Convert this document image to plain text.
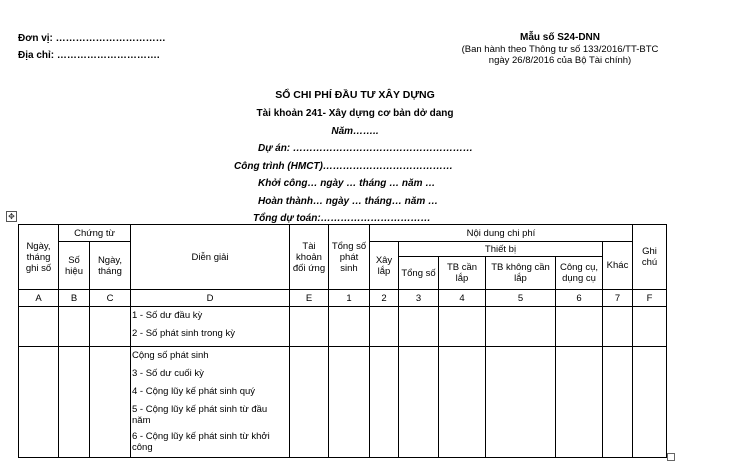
Đơn vị: ……………………………
Địa chỉ: ………………………….
Mẫu số S24-DNN
(Ban hành theo Thông tư số 133/2016/TT-BTC
ngày 26/8/2016 của Bộ Tài chính)
SỔ CHI PHÍ ĐẦU TƯ XÂY DỰNG
Tài khoản 241- Xây dựng cơ bản dở dang
Năm……..
Dự án: ………………………………………………
Công trình (HMCT)…………………………………
Khởi công… ngày … tháng … năm …
Hoàn thành… ngày … tháng… năm …
Tổng dự toán:……………………………
✥
Ngày, tháng ghi số	Chứng từ		Diễn giải	Tài khoản đối ứng	Tổng số phát sinh	Nội dung chi phí						Ghi chú
	Số hiệu	Ngày, tháng				Xây lắp	Thiết bị				Khác	
							Tổng số	TB cần lắp	TB không cần lắp	Công cụ, dụng cụ		
A	B	C	D	E	1	2	3	4	5	6	7	F

			1 - Số dư đầu kỳ
2 - Số phát sinh trong kỳ									

			Cộng số phát sinh
3 - Số dư cuối kỳ
4 - Cộng lũy kế phát sinh quý
5 - Cộng lũy kế phát sinh từ đầu năm
6 - Cộng lũy kế phát sinh từ khởi công									
